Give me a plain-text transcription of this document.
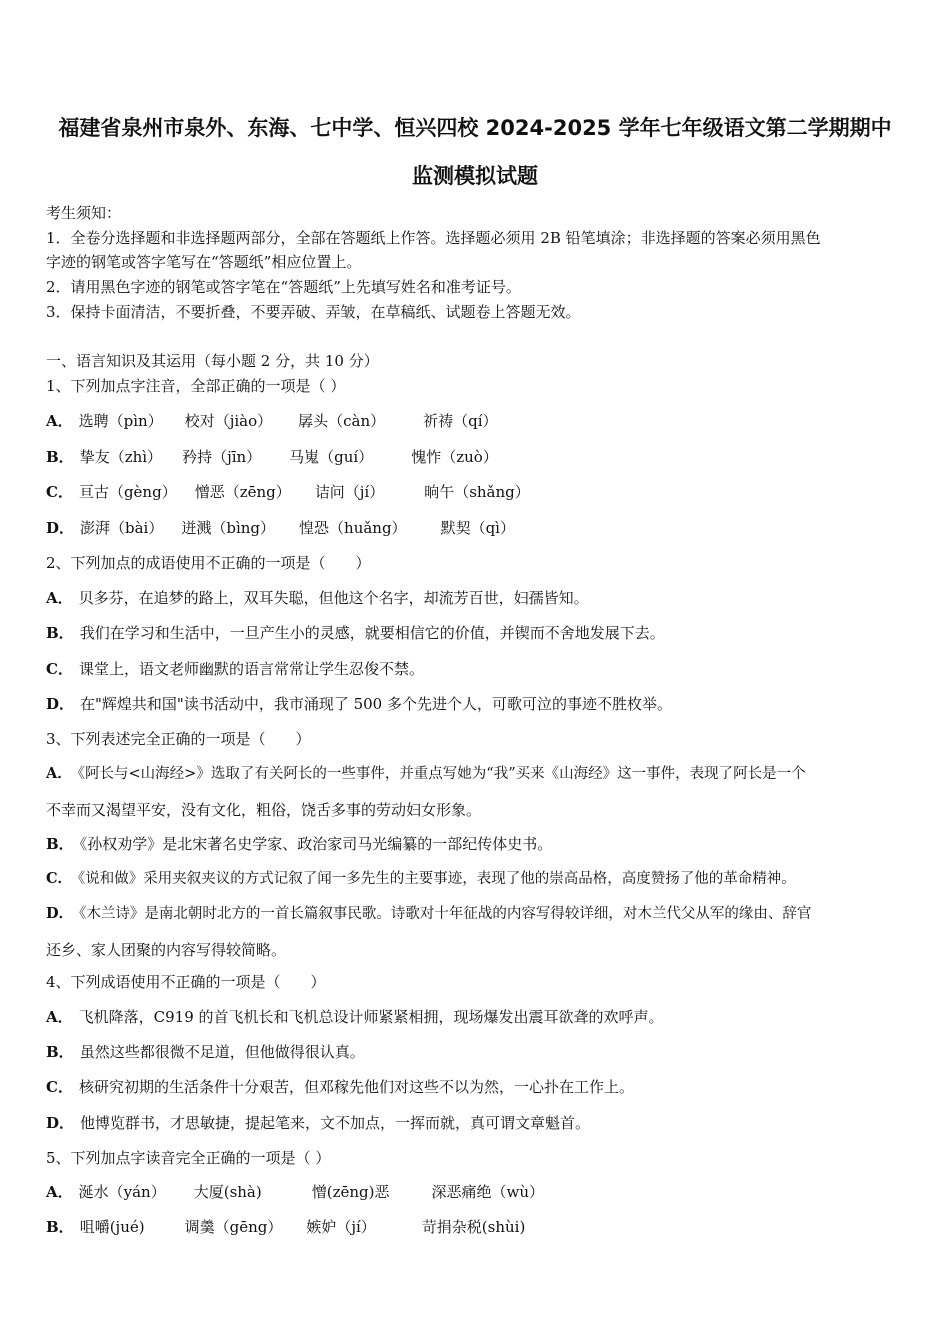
福建省泉州市泉外、东海、七中学、恒兴四校 2024-2025 学年七年级语文第二学期期中
监测模拟试题
考生须知：
1．全卷分选择题和非选择题两部分，全部在答题纸上作答。选择题必须用 2B 铅笔填涂；非选择题的答案必须用黑色
字迹的钢笔或答字笔写在“答题纸”相应位置上。
2．请用黑色字迹的钢笔或答字笔在“答题纸”上先填写姓名和准考证号。
3．保持卡面清洁，不要折叠，不要弄破、弄皱，在草稿纸、试题卷上答题无效。
一、语言知识及其运用（每小题 2 分，共 10 分）
1、下列加点字注音，全部正确的一项是（ ）
A． 选聘（pìn） 校对（jiào） 孱头（càn）	祈祷（qí）
B． 挚友（zhì） 矜持（jīn） 马嵬（guí）	愧怍（zuò）
C． 亘古（gèng） 憎恶（zēng） 诘问（jí）	晌午（shǎng）
D． 澎湃（bài） 迸溅（bìng） 惶恐（huǎng） 默契（qì）
2、下列加点的成语使用不正确的一项是（　　）
A． 贝多芬，在追梦的路上，双耳失聪，但他这个名字，却流芳百世，妇孺皆知。
B． 我们在学习和生活中，一旦产生小的灵感，就要相信它的价值，并锲而不舍地发展下去。
C． 课堂上，语文老师幽默的语言常常让学生忍俊不禁。
D． 在"辉煌共和国"读书活动中，我市涌现了 500 多个先进个人，可歌可泣的事迹不胜枚举。
3、下列表述完全正确的一项是（　　）
A． 《阿长与<山海经>》选取了有关阿长的一些事件，并重点写她为“我”买来《山海经》这一事件，表现了阿长是一个
不幸而又渴望平安，没有文化，粗俗，饶舌多事的劳动妇女形象。
B． 《孙权劝学》是北宋著名史学家、政治家司马光编纂的一部纪传体史书。
C． 《说和做》采用夹叙夹议的方式记叙了闻一多先生的主要事迹，表现了他的崇高品格，高度赞扬了他的革命精神。
D． 《木兰诗》是南北朝时北方的一首长篇叙事民歌。诗歌对十年征战的内容写得较详细，对木兰代父从军的缘由、辞官
还乡、家人团聚的内容写得较简略。
4、下列成语使用不正确的一项是（　　）
A． 飞机降落，C919 的首飞机长和飞机总设计师紧紧相拥，现场爆发出震耳欲聋的欢呼声。
B． 虽然这些都很微不足道，但他做得很认真。
C． 核研究初期的生活条件十分艰苦，但邓稼先他们对这些不以为然，一心扑在工作上。
D． 他博览群书，才思敏捷，提起笔来，文不加点，一挥而就，真可谓文章魁首。
5、下列加点字读音完全正确的一项是（ ）
A． 涎水（yán） 大厦(shà)	憎(zēng)恶	深恶痛绝（wù）
B． 咀嚼(jué)	调羹（gēng） 嫉妒（jí）	苛捐杂税(shùi)
